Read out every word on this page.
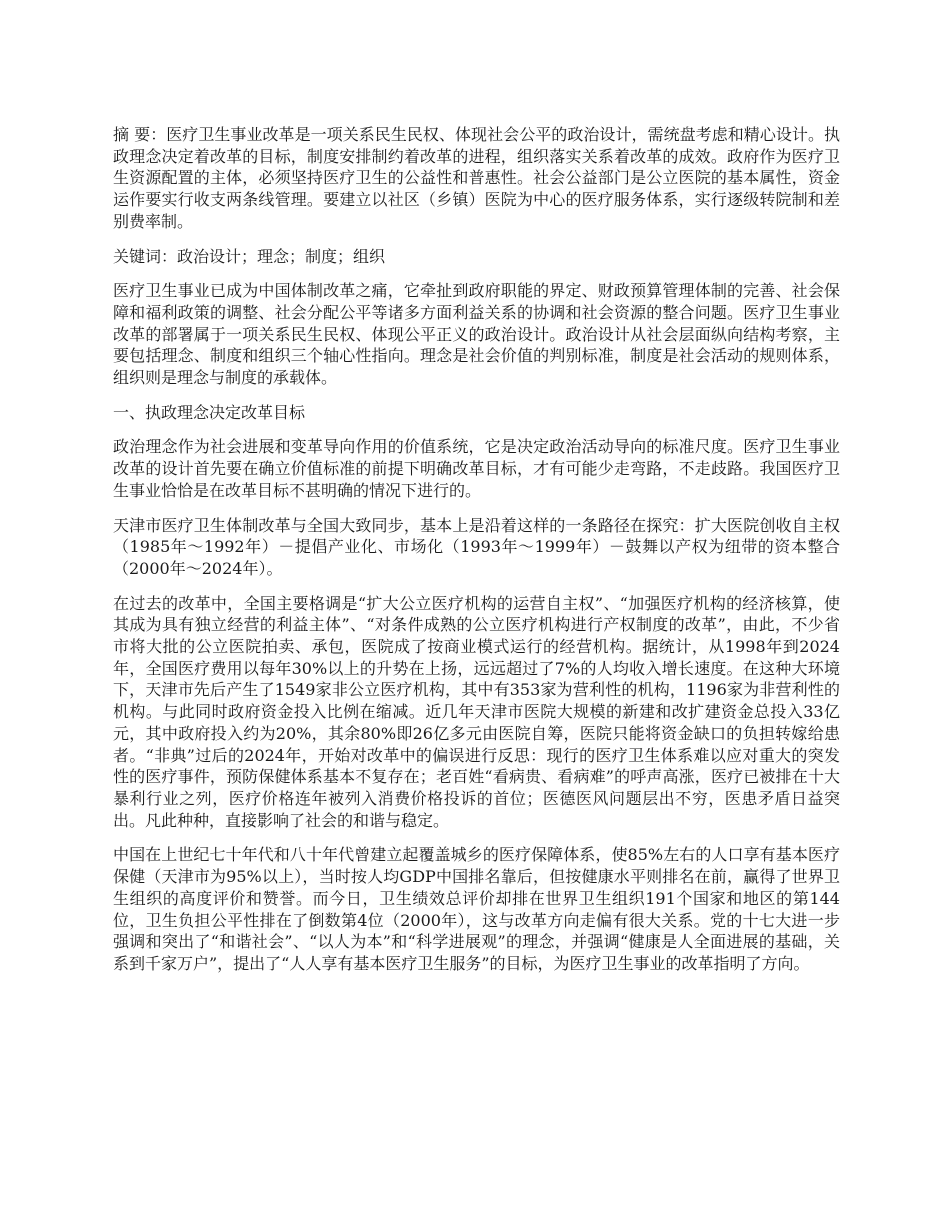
摘 要：医疗卫生事业改革是一项关系民生民权、体现社会公平的政治设计，需统盘考虑和精心设计。执政理念决定着改革的目标，制度安排制约着改革的进程，组织落实关系着改革的成效。政府作为医疗卫生资源配置的主体，必须坚持医疗卫生的公益性和普惠性。社会公益部门是公立医院的基本属性，资金运作要实行收支两条线管理。要建立以社区（乡镇）医院为中心的医疗服务体系，实行逐级转院制和差别费率制。

关键词：政治设计；理念；制度；组织

医疗卫生事业已成为中国体制改革之痛，它牵扯到政府职能的界定、财政预算管理体制的完善、社会保障和福利政策的调整、社会分配公平等诸多方面利益关系的协调和社会资源的整合问题。医疗卫生事业改革的部署属于一项关系民生民权、体现公平正义的政治设计。政治设计从社会层面纵向结构考察，主要包括理念、制度和组织三个轴心性指向。理念是社会价值的判别标准，制度是社会活动的规则体系，组织则是理念与制度的承载体。

一、执政理念决定改革目标

政治理念作为社会进展和变革导向作用的价值系统，它是决定政治活动导向的标准尺度。医疗卫生事业改革的设计首先要在确立价值标准的前提下明确改革目标，才有可能少走弯路，不走歧路。我国医疗卫生事业恰恰是在改革目标不甚明确的情况下进行的。

天津市医疗卫生体制改革与全国大致同步，基本上是沿着这样的一条路径在探究：扩大医院创收自主权（1985年～1992年）－提倡产业化、市场化（1993年～1999年）－鼓舞以产权为纽带的资本整合（2000年～2024年）。

在过去的改革中，全国主要格调是“扩大公立医疗机构的运营自主权”、“加强医疗机构的经济核算，使其成为具有独立经营的利益主体”、“对条件成熟的公立医疗机构进行产权制度的改革”，由此，不少省市将大批的公立医院拍卖、承包，医院成了按商业模式运行的经营机构。据统计，从1998年到2024年，全国医疗费用以每年30%以上的升势在上扬，远远超过了7%的人均收入增长速度。在这种大环境下，天津市先后产生了1549家非公立医疗机构，其中有353家为营利性的机构，1196家为非营利性的机构。与此同时政府资金投入比例在缩减。近几年天津市医院大规模的新建和改扩建资金总投入33亿元，其中政府投入约为20%，其余80%即26亿多元由医院自筹，医院只能将资金缺口的负担转嫁给患者。“非典”过后的2024年，开始对改革中的偏误进行反思：现行的医疗卫生体系难以应对重大的突发性的医疗事件，预防保健体系基本不复存在；老百姓“看病贵、看病难”的呼声高涨，医疗已被排在十大暴利行业之列，医疗价格连年被列入消费价格投诉的首位；医德医风问题层出不穷，医患矛盾日益突出。凡此种种，直接影响了社会的和谐与稳定。

中国在上世纪七十年代和八十年代曾建立起覆盖城乡的医疗保障体系，使85%左右的人口享有基本医疗保健（天津市为95%以上），当时按人均GDP中国排名靠后，但按健康水平则排名在前，赢得了世界卫生组织的高度评价和赞誉。而今日，卫生绩效总评价却排在世界卫生组织191个国家和地区的第144位，卫生负担公平性排在了倒数第4位（2000年），这与改革方向走偏有很大关系。党的十七大进一步强调和突出了“和谐社会”、“以人为本”和“科学进展观”的理念，并强调“健康是人全面进展的基础，关系到千家万户”，提出了“人人享有基本医疗卫生服务”的目标，为医疗卫生事业的改革指明了方向。
